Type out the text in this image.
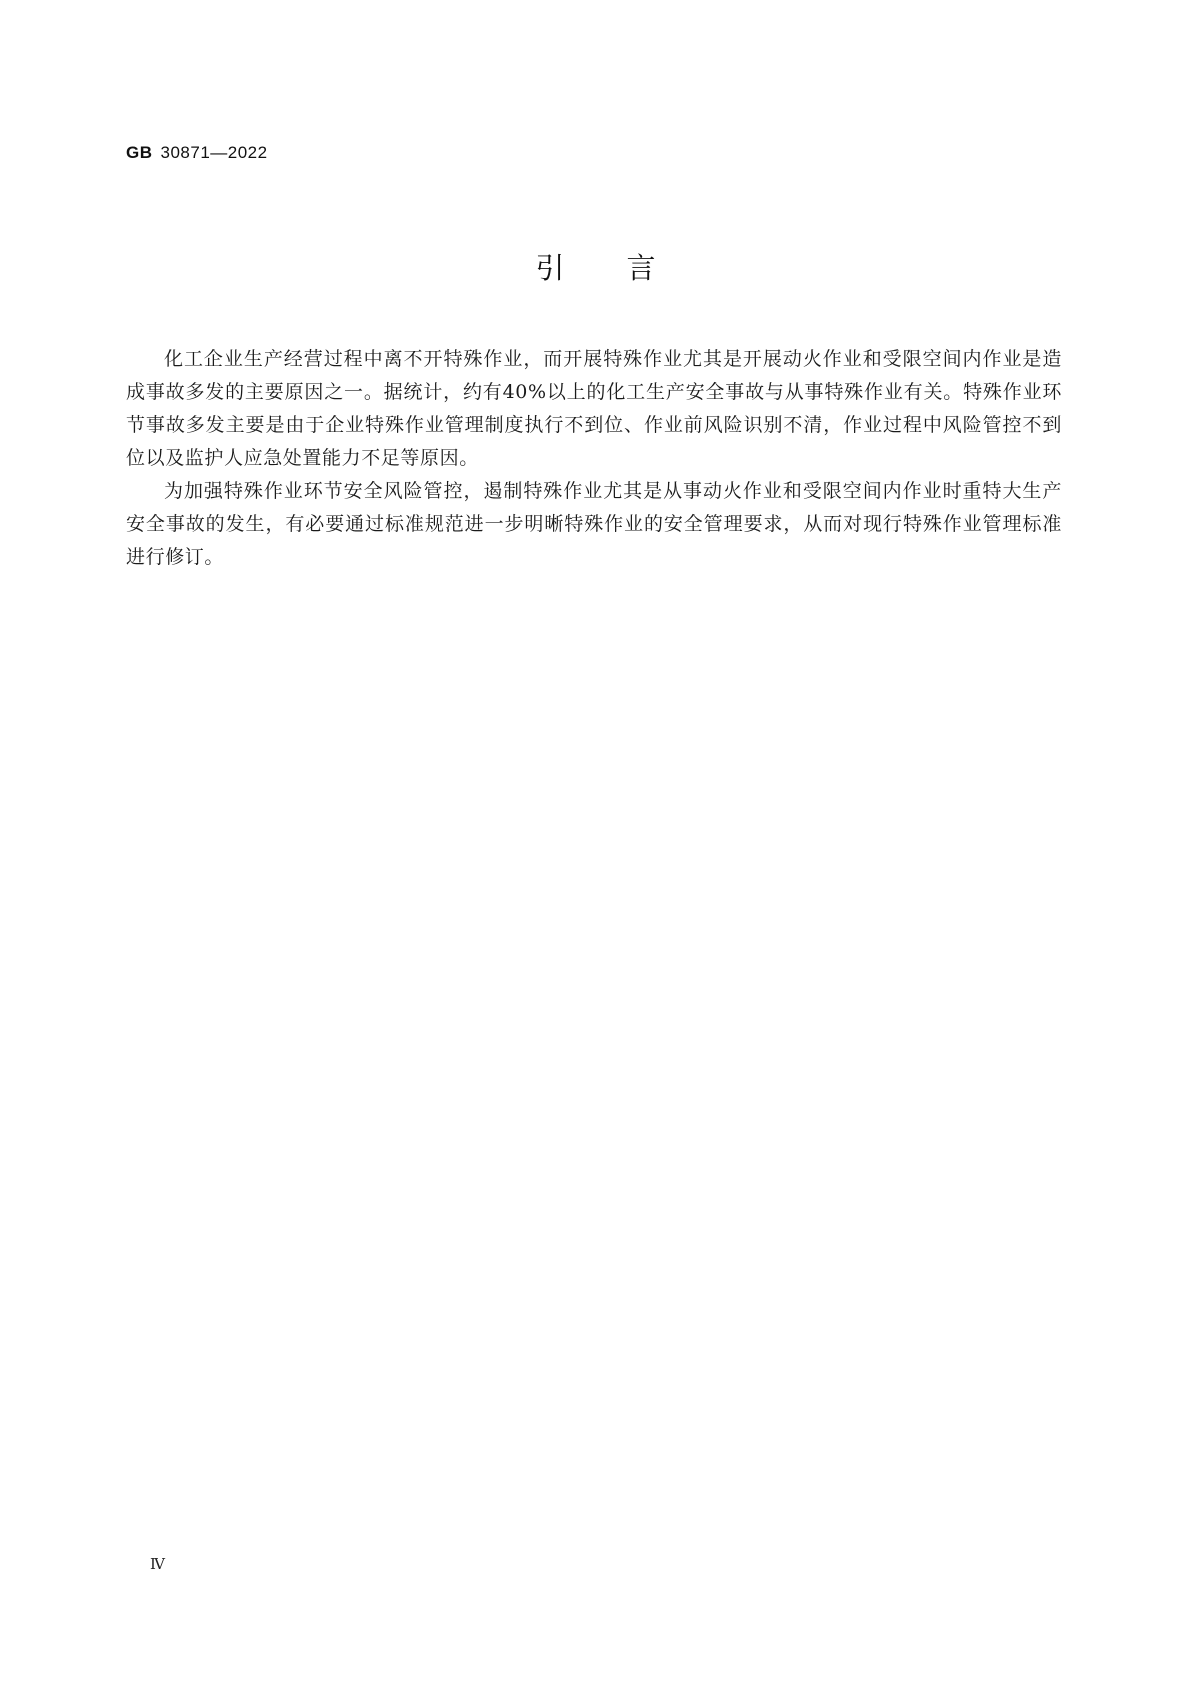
GB 30871—2022
引言

化工企业生产经营过程中离不开特殊作业，而开展特殊作业尤其是开展动火作业和受限空间内作业是造成事故多发的主要原因之一。据统计，约有40%以上的化工生产安全事故与从事特殊作业有关。特殊作业环节事故多发主要是由于企业特殊作业管理制度执行不到位、作业前风险识别不清，作业过程中风险管控不到位以及监护人应急处置能力不足等原因。

为加强特殊作业环节安全风险管控，遏制特殊作业尤其是从事动火作业和受限空间内作业时重特大生产安全事故的发生，有必要通过标准规范进一步明晰特殊作业的安全管理要求，从而对现行特殊作业管理标准进行修订。

Ⅳ
